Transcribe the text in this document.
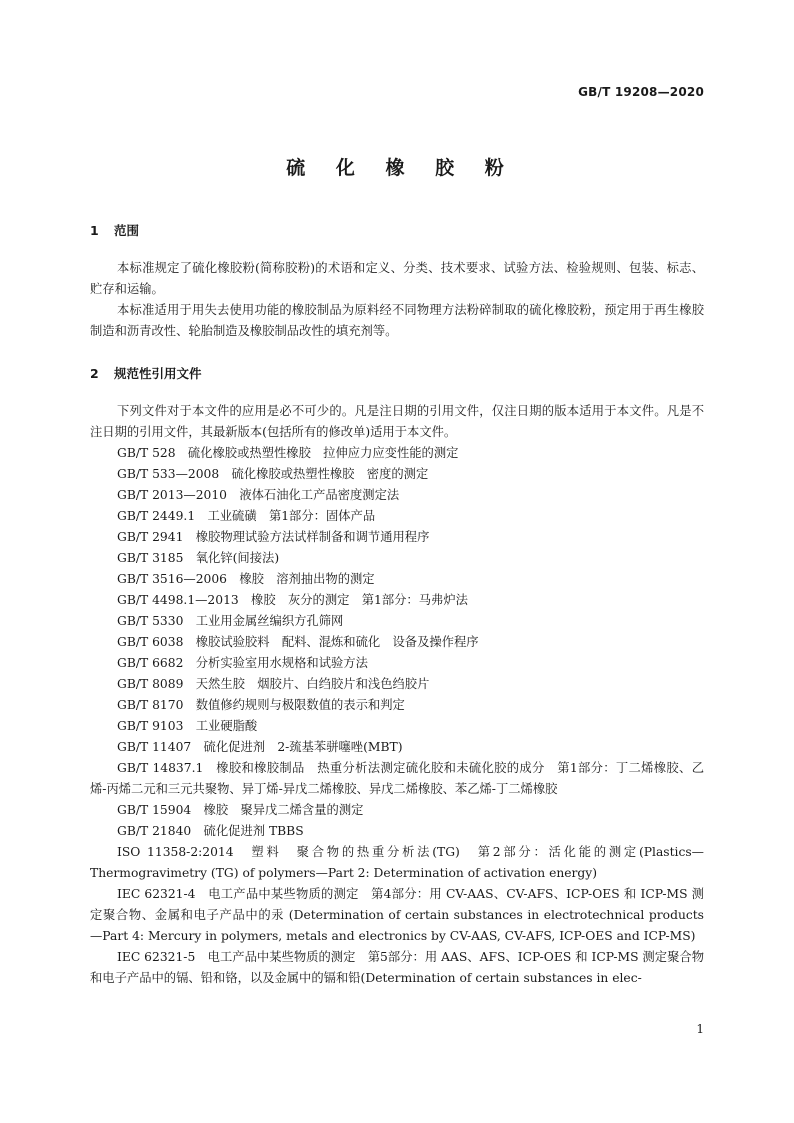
GB/T 19208—2020
硫 化 橡 胶 粉
1 范围

本标准规定了硫化橡胶粉(简称胶粉)的术语和定义、分类、技术要求、试验方法、检验规则、包装、标志、贮存和运输。

本标准适用于用失去使用功能的橡胶制品为原料经不同物理方法粉碎制取的硫化橡胶粉，预定用于再生橡胶制造和沥青改性、轮胎制造及橡胶制品改性的填充剂等。

2 规范性引用文件

下列文件对于本文件的应用是必不可少的。凡是注日期的引用文件，仅注日期的版本适用于本文件。凡是不注日期的引用文件，其最新版本(包括所有的修改单)适用于本文件。

GB/T 528　 硫化橡胶或热塑性橡胶　拉伸应力应变性能的测定

GB/T 533—2008　 硫化橡胶或热塑性橡胶　密度的测定

GB/T 2013—2010　 液体石油化工产品密度测定法

GB/T 2449.1　 工业硫磺　第1部分：固体产品

GB/T 2941　 橡胶物理试验方法试样制备和调节通用程序

GB/T 3185　 氧化锌(间接法)

GB/T 3516—2006　 橡胶　溶剂抽出物的测定

GB/T 4498.1—2013　 橡胶　灰分的测定　第1部分：马弗炉法

GB/T 5330　 工业用金属丝编织方孔筛网

GB/T 6038　 橡胶试验胶料　配料、混炼和硫化　设备及操作程序

GB/T 6682　 分析实验室用水规格和试验方法

GB/T 8089　 天然生胶　烟胶片、白绉胶片和浅色绉胶片

GB/T 8170　 数值修约规则与极限数值的表示和判定

GB/T 9103　 工业硬脂酸

GB/T 11407　 硫化促进剂　2-巯基苯骈噻唑(MBT)

GB/T 14837.1　 橡胶和橡胶制品　热重分析法测定硫化胶和未硫化胶的成分　第1部分：丁二烯橡胶、乙烯-丙烯二元和三元共聚物、异丁烯-异戊二烯橡胶、异戊二烯橡胶、苯乙烯-丁二烯橡胶

GB/T 15904　 橡胶　聚异戊二烯含量的测定

GB/T 21840　 硫化促进剂 TBBS

ISO 11358-2:2014　 塑料　聚合物的热重分析法(TG)　第2部分：活化能的测定(Plastics—Thermogravimetry (TG) of polymers—Part 2: Determination of activation energy)

IEC 62321-4　 电工产品中某些物质的测定　第4部分：用 CV-AAS、CV-AFS、ICP-OES 和 ICP-MS 测定聚合物、金属和电子产品中的汞 (Determination of certain substances in electrotechnical products —Part 4: Mercury in polymers, metals and electronics by CV-AAS, CV-AFS, ICP-OES and ICP-MS)

IEC 62321-5　 电工产品中某些物质的测定　第5部分：用 AAS、AFS、ICP-OES 和 ICP-MS 测定聚合物和电子产品中的镉、铅和铬，以及金属中的镉和铅(Determination of certain substances in elec-

1
